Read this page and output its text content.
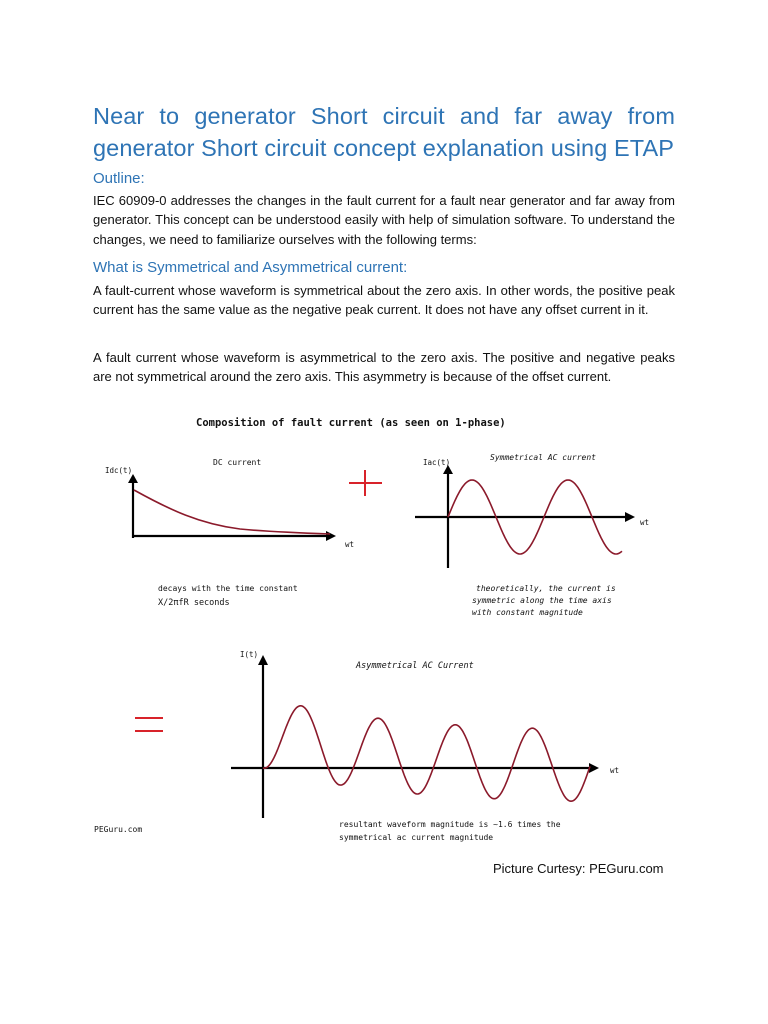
Near to generator Short circuit and far away from generator Short circuit concept explanation using ETAP
Outline:
IEC 60909-0 addresses the changes in the fault current for a fault near generator and far away from generator. This concept can be understood easily with help of simulation software. To understand the changes, we need to familiarize ourselves with the following terms:
What is Symmetrical and Asymmetrical current:
A fault-current whose waveform is symmetrical about the zero axis. In other words, the positive peak current has the same value as the negative peak current. It does not have any offset current in it.
A fault current whose waveform is asymmetrical to the zero axis. The positive and negative peaks are not symmetrical around the zero axis. This asymmetry is because of the offset current.
Composition of fault current (as seen on 1-phase)
Idc(t)
DC current
wt
decays with the time constant
X/2πfR seconds
Iac(t)
Symmetrical AC current
wt
theoretically, the current is
symmetric along the time axis
with constant magnitude
I(t)
Asymmetrical AC Current
wt
resultant waveform magnitude is ~1.6 times the
symmetrical ac current magnitude
PEGuru.com
Picture Curtesy: PEGuru.com
